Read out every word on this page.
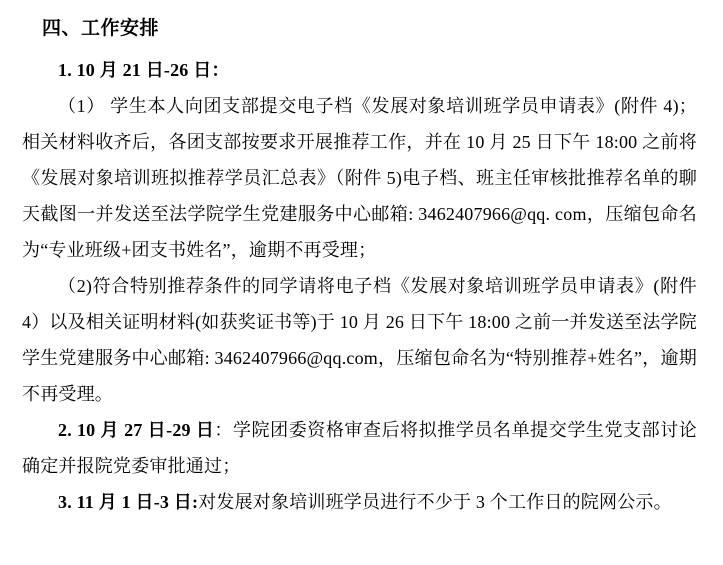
四、工作安排

1. 10 月 21 日-26 日：

（1） 学生本人向团支部提交电子档《发展对象培训班学员申请表》(附件 4)；相关材料收齐后，各团支部按要求开展推荐工作，并在 10 月 25 日下午 18:00 之前将《发展对象培训班拟推荐学员汇总表》（附件 5)电子档、班主任审核批推荐名单的聊天截图一并发送至法学院学生党建服务中心邮箱: 3462407966@qq. com，压缩包命名为“专业班级+团支书姓名”，逾期不再受理；

（2)符合特别推荐条件的同学请将电子档《发展对象培训班学员申请表》(附件 4）以及相关证明材料(如获奖证书等)于 10 月 26 日下午 18:00 之前一并发送至法学院学生党建服务中心邮箱: 3462407966@qq.com，压缩包命名为“特别推荐+姓名”，逾期不再受理。

2. 10 月 27 日-29 日：学院团委资格审查后将拟推学员名单提交学生党支部讨论确定并报院党委审批通过；

3. 11 月 1 日-3 日:对发展对象培训班学员进行不少于 3 个工作日的院网公示。
